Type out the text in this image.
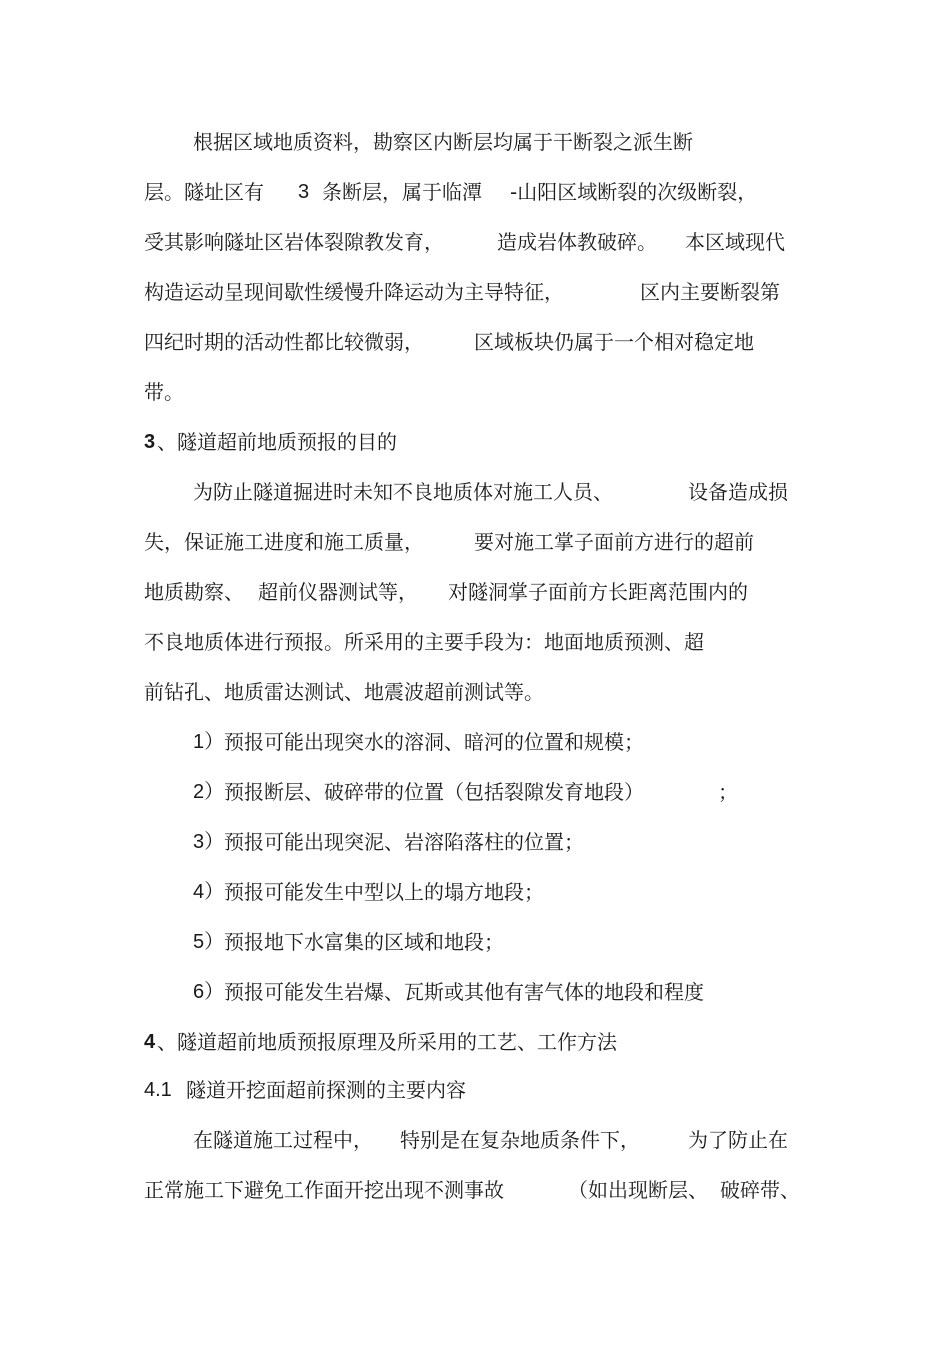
根据区域地质资料，勘察区内断层均属于干断裂之派生断

层。隧址区有

3

条断层，属于临潭

-山阳区域断裂的次级断裂，

受其影响隧址区岩体裂隙教发育，

	造成岩体教破碎。

本区域现代

构造运动呈现间歇性缓慢升降运动为主导特征，

	区内主要断裂第

四纪时期的活动性都比较微弱，

	区域板块仍属于一个相对稳定地

带。

3

、隧道超前地质预报的目的

为防止隧道掘进时未知不良地质体对施工人员、

	设备造成损

失，保证施工进度和施工质量，

	要对施工掌子面前方进行的超前

地质勘察、

超前仪器测试等，

对隧洞掌子面前方长距离范围内的

不良地质体进行预报。所采用的主要手段为：地面地质预测、超

前钻孔、地质雷达测试、地震波超前测试等。

1）

预报可能出现突水的溶洞、暗河的位置和规模；

2）

预报断层、破碎带的位置（包括裂隙发育地段）

	；

3）

预报可能出现突泥、岩溶陷落柱的位置；

4）

预报可能发生中型以上的塌方地段；

5）

预报地下水富集的区域和地段；

6）

预报可能发生岩爆、瓦斯或其他有害气体的地段和程度

4

、隧道超前地质预报原理及所采用的工艺、工作方法

4.1

隧道开挖面超前探测的主要内容

在隧道施工过程中，

特别是在复杂地质条件下，

为了防止在

正常施工下避免工作面开挖出现不测事故

	（如出现断层、

破碎带、
